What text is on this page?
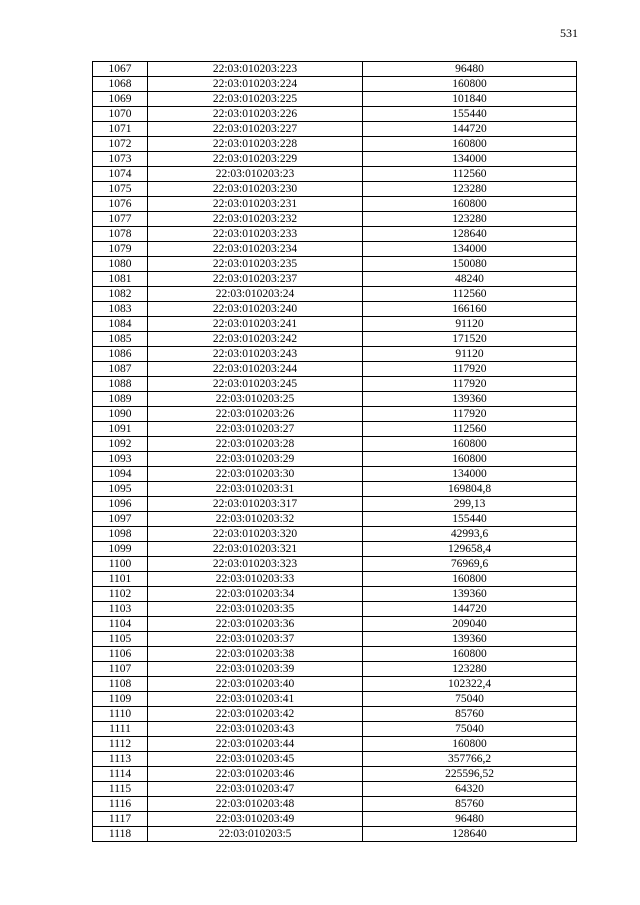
531
1067	22:03:010203:223	96480
1068	22:03:010203:224	160800
1069	22:03:010203:225	101840
1070	22:03:010203:226	155440
1071	22:03:010203:227	144720
1072	22:03:010203:228	160800
1073	22:03:010203:229	134000
1074	22:03:010203:23	112560
1075	22:03:010203:230	123280
1076	22:03:010203:231	160800
1077	22:03:010203:232	123280
1078	22:03:010203:233	128640
1079	22:03:010203:234	134000
1080	22:03:010203:235	150080
1081	22:03:010203:237	48240
1082	22:03:010203:24	112560
1083	22:03:010203:240	166160
1084	22:03:010203:241	91120
1085	22:03:010203:242	171520
1086	22:03:010203:243	91120
1087	22:03:010203:244	117920
1088	22:03:010203:245	117920
1089	22:03:010203:25	139360
1090	22:03:010203:26	117920
1091	22:03:010203:27	112560
1092	22:03:010203:28	160800
1093	22:03:010203:29	160800
1094	22:03:010203:30	134000
1095	22:03:010203:31	169804,8
1096	22:03:010203:317	299,13
1097	22:03:010203:32	155440
1098	22:03:010203:320	42993,6
1099	22:03:010203:321	129658,4
1100	22:03:010203:323	76969,6
1101	22:03:010203:33	160800
1102	22:03:010203:34	139360
1103	22:03:010203:35	144720
1104	22:03:010203:36	209040
1105	22:03:010203:37	139360
1106	22:03:010203:38	160800
1107	22:03:010203:39	123280
1108	22:03:010203:40	102322,4
1109	22:03:010203:41	75040
1110	22:03:010203:42	85760
1111	22:03:010203:43	75040
1112	22:03:010203:44	160800
1113	22:03:010203:45	357766,2
1114	22:03:010203:46	225596,52
1115	22:03:010203:47	64320
1116	22:03:010203:48	85760
1117	22:03:010203:49	96480
1118	22:03:010203:5	128640
